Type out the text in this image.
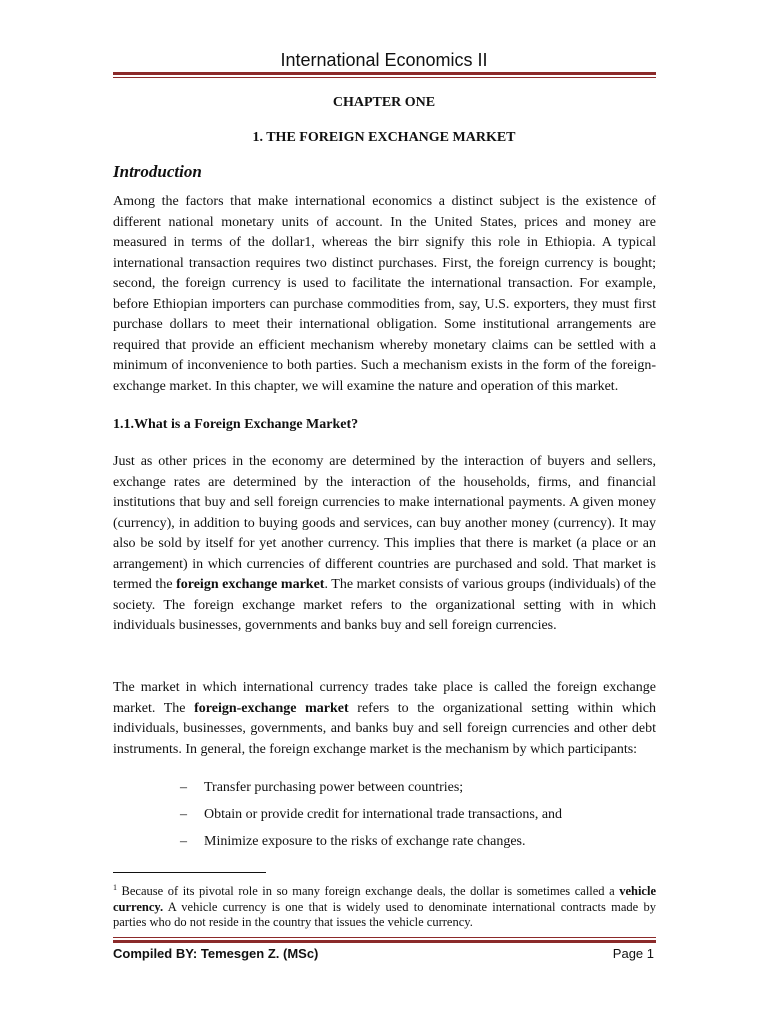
International Economics II
CHAPTER ONE
1. THE FOREIGN EXCHANGE MARKET
Introduction

Among the factors that make international economics a distinct subject is the existence of different national monetary units of account. In the United States, prices and money are measured in terms of the dollar1, whereas the birr signify this role in Ethiopia. A typical international transaction requires two distinct purchases. First, the foreign currency is bought; second, the foreign currency is used to facilitate the international transaction. For example, before Ethiopian importers can purchase commodities from, say, U.S. exporters, they must first purchase dollars to meet their international obligation. Some institutional arrangements are required that provide an efficient mechanism whereby monetary claims can be settled with a minimum of inconvenience to both parties. Such a mechanism exists in the form of the foreign-exchange market. In this chapter, we will examine the nature and operation of this market.

1.1.What is a Foreign Exchange Market?

Just as other prices in the economy are determined by the interaction of buyers and sellers, exchange rates are determined by the interaction of the households, firms, and financial institutions that buy and sell foreign currencies to make international payments. A given money (currency), in addition to buying goods and services, can buy another money (currency). It may also be sold by itself for yet another currency. This implies that there is market (a place or an arrangement) in which currencies of different countries are purchased and sold. That market is termed the foreign exchange market. The market consists of various groups (individuals) of the society. The foreign exchange market refers to the organizational setting with in which individuals businesses, governments and banks buy and sell foreign currencies.

The market in which international currency trades take place is called the foreign exchange market. The foreign-exchange market refers to the organizational setting within which individuals, businesses, governments, and banks buy and sell foreign currencies and other debt instruments. In general, the foreign exchange market is the mechanism by which participants:

–	Transfer purchasing power between countries;
–	Obtain or provide credit for international trade transactions, and
–	Minimize exposure to the risks of exchange rate changes.

$^1$ Because of its pivotal role in so many foreign exchange deals, the dollar is sometimes called a vehicle currency. A vehicle currency is one that is widely used to denominate international contracts made by parties who do not reside in the country that issues the vehicle currency.

Compiled BY: Temesgen Z. (MSc)	Page 1
